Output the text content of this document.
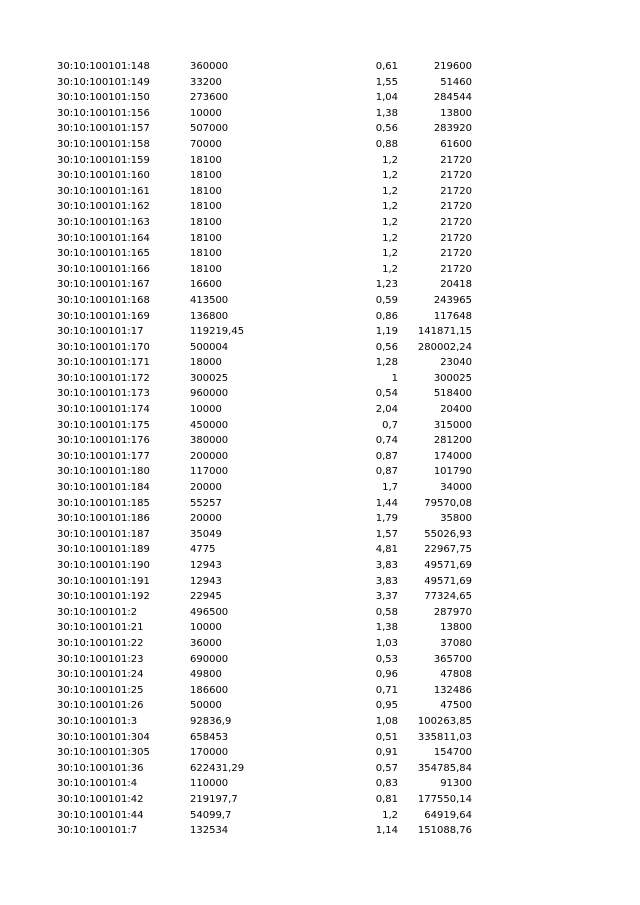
30:10:100101:148	360000	0,61	219600
30:10:100101:149	33200	1,55	51460
30:10:100101:150	273600	1,04	284544
30:10:100101:156	10000	1,38	13800
30:10:100101:157	507000	0,56	283920
30:10:100101:158	70000	0,88	61600
30:10:100101:159	18100	1,2	21720
30:10:100101:160	18100	1,2	21720
30:10:100101:161	18100	1,2	21720
30:10:100101:162	18100	1,2	21720
30:10:100101:163	18100	1,2	21720
30:10:100101:164	18100	1,2	21720
30:10:100101:165	18100	1,2	21720
30:10:100101:166	18100	1,2	21720
30:10:100101:167	16600	1,23	20418
30:10:100101:168	413500	0,59	243965
30:10:100101:169	136800	0,86	117648
30:10:100101:17	119219,45	1,19	141871,15
30:10:100101:170	500004	0,56	280002,24
30:10:100101:171	18000	1,28	23040
30:10:100101:172	300025	1	300025
30:10:100101:173	960000	0,54	518400
30:10:100101:174	10000	2,04	20400
30:10:100101:175	450000	0,7	315000
30:10:100101:176	380000	0,74	281200
30:10:100101:177	200000	0,87	174000
30:10:100101:180	117000	0,87	101790
30:10:100101:184	20000	1,7	34000
30:10:100101:185	55257	1,44	79570,08
30:10:100101:186	20000	1,79	35800
30:10:100101:187	35049	1,57	55026,93
30:10:100101:189	4775	4,81	22967,75
30:10:100101:190	12943	3,83	49571,69
30:10:100101:191	12943	3,83	49571,69
30:10:100101:192	22945	3,37	77324,65
30:10:100101:2	496500	0,58	287970
30:10:100101:21	10000	1,38	13800
30:10:100101:22	36000	1,03	37080
30:10:100101:23	690000	0,53	365700
30:10:100101:24	49800	0,96	47808
30:10:100101:25	186600	0,71	132486
30:10:100101:26	50000	0,95	47500
30:10:100101:3	92836,9	1,08	100263,85
30:10:100101:304	658453	0,51	335811,03
30:10:100101:305	170000	0,91	154700
30:10:100101:36	622431,29	0,57	354785,84
30:10:100101:4	110000	0,83	91300
30:10:100101:42	219197,7	0,81	177550,14
30:10:100101:44	54099,7	1,2	64919,64
30:10:100101:7	132534	1,14	151088,76
